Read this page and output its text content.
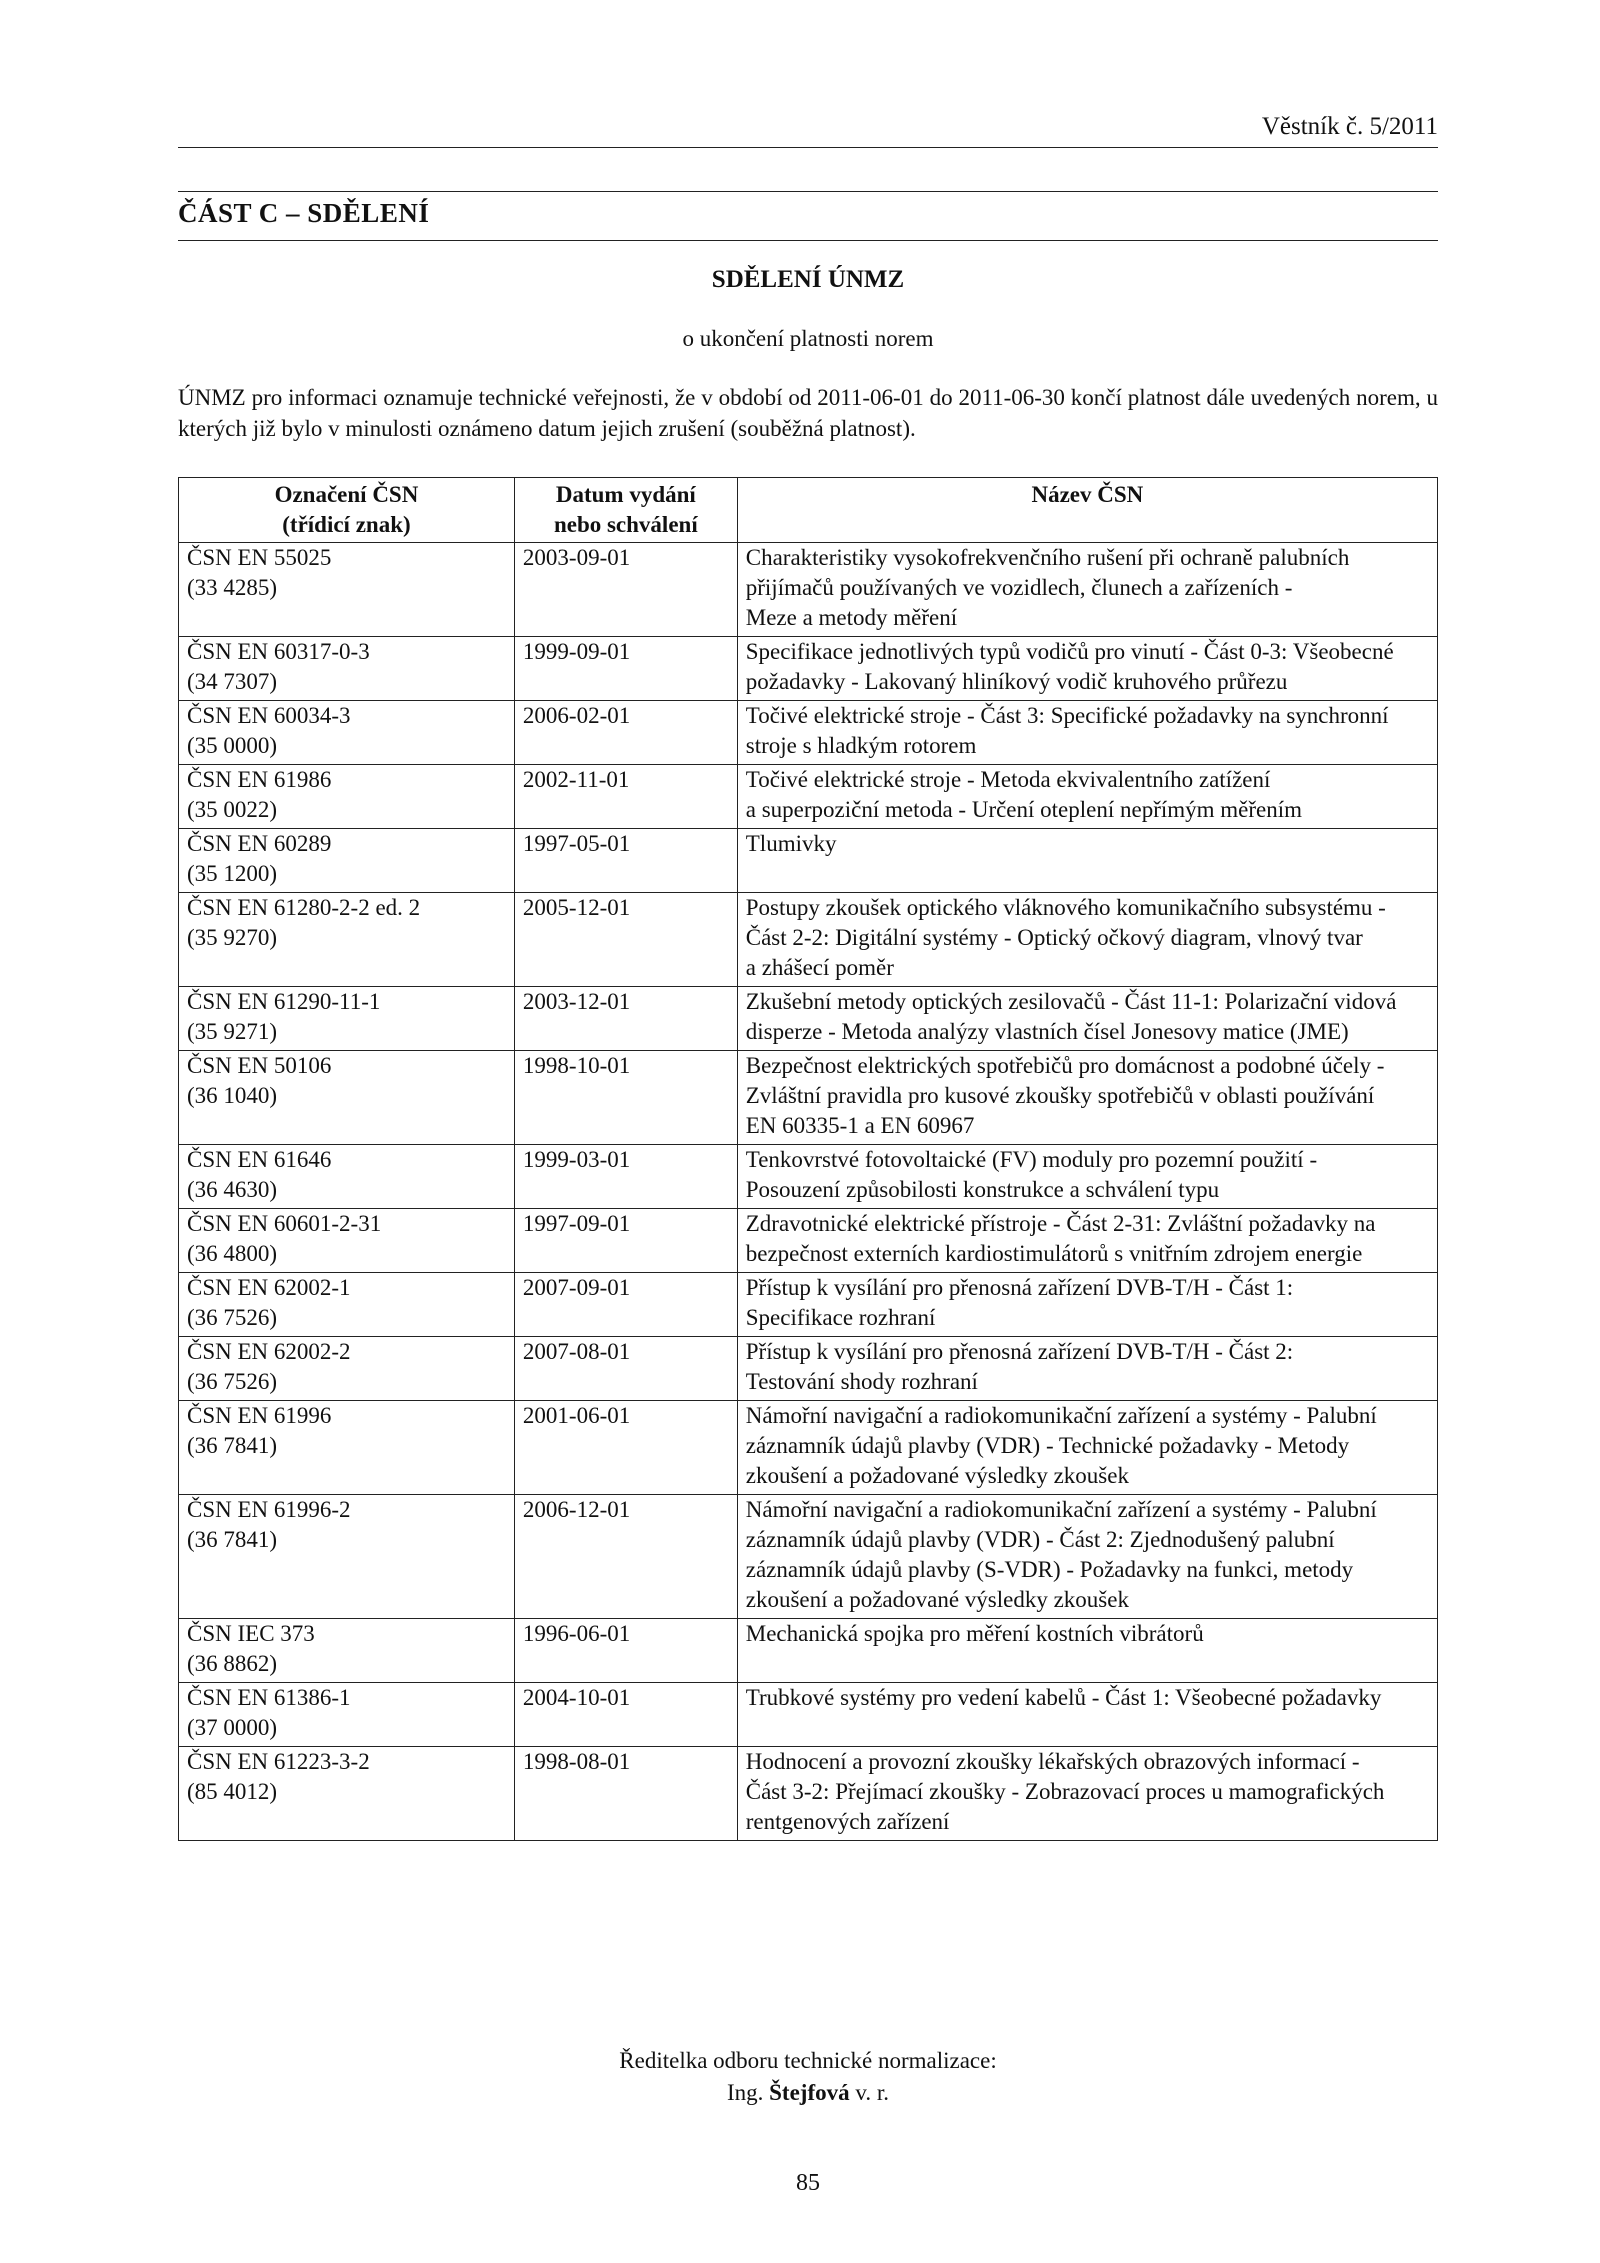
Věstník č. 5/2011
ČÁST C – SDĚLENÍ
SDĚLENÍ ÚNMZ
o ukončení platnosti norem
ÚNMZ pro informaci oznamuje technické veřejnosti, že v období od 2011-06-01 do 2011-06-30 končí platnost dále uvedených norem, u kterých již bylo v minulosti oznámeno datum jejich zrušení (souběžná platnost).
Označení ČSN
(třídicí znak)	Datum vydání
nebo schválení	Název ČSN

ČSN EN 55025
(33 4285)	2003-09-01	Charakteristiky vysokofrekvenčního rušení při ochraně palubních
přijímačů používaných ve vozidlech, člunech a zařízeních -
Meze a metody měření

ČSN EN 60317-0-3
(34 7307)	1999-09-01	Specifikace jednotlivých typů vodičů pro vinutí - Část 0-3: Všeobecné
požadavky - Lakovaný hliníkový vodič kruhového průřezu

ČSN EN 60034-3
(35 0000)	2006-02-01	Točivé elektrické stroje - Část 3: Specifické požadavky na synchronní
stroje s hladkým rotorem

ČSN EN 61986
(35 0022)	2002-11-01	Točivé elektrické stroje - Metoda ekvivalentního zatížení
a superpoziční metoda - Určení oteplení nepřímým měřením

ČSN EN 60289
(35 1200)	1997-05-01	Tlumivky

ČSN EN 61280-2-2 ed. 2
(35 9270)	2005-12-01	Postupy zkoušek optického vláknového komunikačního subsystému -
Část 2-2: Digitální systémy - Optický očkový diagram, vlnový tvar
a zhášecí poměr

ČSN EN 61290-11-1
(35 9271)	2003-12-01	Zkušební metody optických zesilovačů - Část 11-1: Polarizační vidová
disperze - Metoda analýzy vlastních čísel Jonesovy matice (JME)

ČSN EN 50106
(36 1040)	1998-10-01	Bezpečnost elektrických spotřebičů pro domácnost a podobné účely -
Zvláštní pravidla pro kusové zkoušky spotřebičů v oblasti používání
EN 60335-1 a EN 60967

ČSN EN 61646
(36 4630)	1999-03-01	Tenkovrstvé fotovoltaické (FV) moduly pro pozemní použití -
Posouzení způsobilosti konstrukce a schválení typu

ČSN EN 60601-2-31
(36 4800)	1997-09-01	Zdravotnické elektrické přístroje - Část 2-31: Zvláštní požadavky na
bezpečnost externích kardiostimulátorů s vnitřním zdrojem energie

ČSN EN 62002-1
(36 7526)	2007-09-01	Přístup k vysílání pro přenosná zařízení DVB-T/H - Část 1:
Specifikace rozhraní

ČSN EN 62002-2
(36 7526)	2007-08-01	Přístup k vysílání pro přenosná zařízení DVB-T/H - Část 2:
Testování shody rozhraní

ČSN EN 61996
(36 7841)	2001-06-01	Námořní navigační a radiokomunikační zařízení a systémy - Palubní
záznamník údajů plavby (VDR) - Technické požadavky - Metody
zkoušení a požadované výsledky zkoušek

ČSN EN 61996-2
(36 7841)	2006-12-01	Námořní navigační a radiokomunikační zařízení a systémy - Palubní
záznamník údajů plavby (VDR) - Část 2: Zjednodušený palubní
záznamník údajů plavby (S-VDR) - Požadavky na funkci, metody
zkoušení a požadované výsledky zkoušek

ČSN IEC 373
(36 8862)	1996-06-01	Mechanická spojka pro měření kostních vibrátorů

ČSN EN 61386-1
(37 0000)	2004-10-01	Trubkové systémy pro vedení kabelů - Část 1: Všeobecné požadavky

ČSN EN 61223-3-2
(85 4012)	1998-08-01	Hodnocení a provozní zkoušky lékařských obrazových informací -
Část 3-2: Přejímací zkoušky - Zobrazovací proces u mamografických
rentgenových zařízení
Ředitelka odboru technické normalizace:
Ing. Štejfová v. r.
85
